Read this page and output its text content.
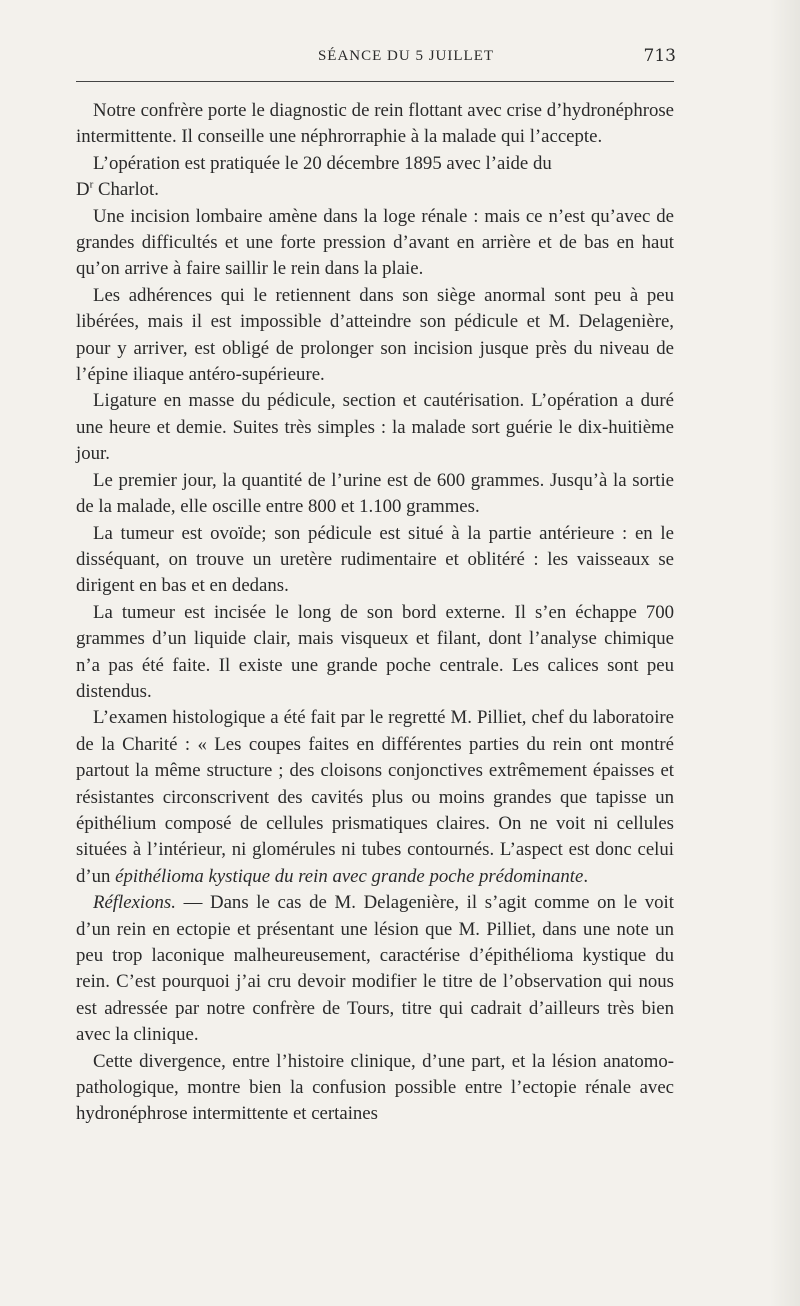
SÉANCE DU 5 JUILLET	713

Notre confrère porte le diagnostic de rein flottant avec crise d’hydronéphrose intermittente. Il conseille une néphrorraphie à la malade qui l’accepte.

L’opération est pratiquée le 20 décembre 1895 avec l’aide du
$D^r$ Charlot.

Une incision lombaire amène dans la loge rénale : mais ce n’est qu’avec de grandes difficultés et une forte pression d’avant en arrière et de bas en haut qu’on arrive à faire saillir le rein dans la plaie.

Les adhérences qui le retiennent dans son siège anormal sont peu à peu libérées, mais il est impossible d’atteindre son pédicule et M. Delagenière, pour y arriver, est obligé de prolonger son incision jusque près du niveau de l’épine iliaque antéro-supérieure.

Ligature en masse du pédicule, section et cautérisation. L’opération a duré une heure et demie. Suites très simples : la malade sort guérie le dix-huitième jour.

Le premier jour, la quantité de l’urine est de 600 grammes. Jusqu’à la sortie de la malade, elle oscille entre 800 et 1.100 grammes.

La tumeur est ovoïde; son pédicule est situé à la partie antérieure : en le disséquant, on trouve un uretère rudimentaire et oblitéré : les vaisseaux se dirigent en bas et en dedans.

La tumeur est incisée le long de son bord externe. Il s’en échappe 700 grammes d’un liquide clair, mais visqueux et filant, dont l’analyse chimique n’a pas été faite. Il existe une grande poche centrale. Les calices sont peu distendus.

L’examen histologique a été fait par le regretté M. Pilliet, chef du laboratoire de la Charité : « Les coupes faites en différentes parties du rein ont montré partout la même structure ; des cloisons conjonctives extrêmement épaisses et résistantes circonscrivent des cavités plus ou moins grandes que tapisse un épithélium composé de cellules prismatiques claires. On ne voit ni cellules situées à l’intérieur, ni glomérules ni tubes contournés. L’aspect est donc celui d’un épithélioma kystique du rein avec grande poche prédominante.

Réflexions. — Dans le cas de M. Delagenière, il s’agit comme on le voit d’un rein en ectopie et présentant une lésion que M. Pilliet, dans une note un peu trop laconique malheureusement, caractérise d’épithélioma kystique du rein. C’est pourquoi j’ai cru devoir modifier le titre de l’observation qui nous est adressée par notre confrère de Tours, titre qui cadrait d’ailleurs très bien avec la clinique.

Cette divergence, entre l’histoire clinique, d’une part, et la lésion anatomo-pathologique, montre bien la confusion possible entre l’ectopie rénale avec hydronéphrose intermittente et certaines
